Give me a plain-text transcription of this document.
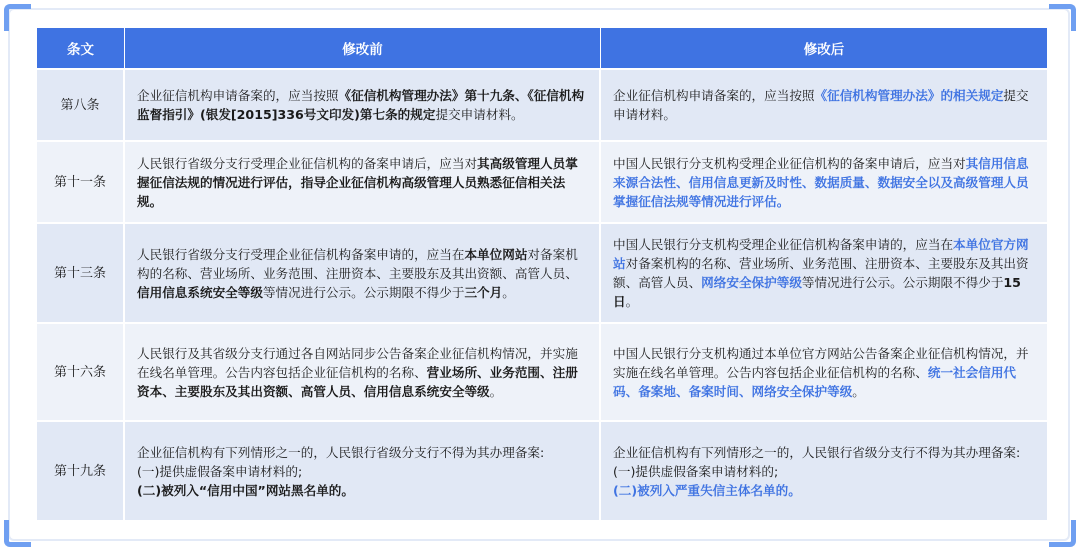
条文	修改前	修改后
第八条	企业征信机构申请备案的，应当按照《征信机构管理办法》第十九条、《征信机构监督指引》(银发[2015]336号文印发)第七条的规定提交申请材料。	企业征信机构申请备案的，应当按照《征信机构管理办法》的相关规定提交申请材料。
第十一条	人民银行省级分支行受理企业征信机构的备案申请后，应当对其高级管理人员掌握征信法规的情况进行评估，指导企业征信机构高级管理人员熟悉征信相关法规。	中国人民银行分支机构受理企业征信机构的备案申请后，应当对其信用信息来源合法性、信用信息更新及时性、数据质量、数据安全以及高级管理人员掌握征信法规等情况进行评估。
第十三条	人民银行省级分支行受理企业征信机构备案申请的，应当在本单位网站对备案机构的名称、营业场所、业务范围、注册资本、主要股东及其出资额、高管人员、信用信息系统安全等级等情况进行公示。公示期限不得少于三个月。	中国人民银行分支机构受理企业征信机构备案申请的，应当在本单位官方网站对备案机构的名称、营业场所、业务范围、注册资本、主要股东及其出资额、高管人员、网络安全保护等级等情况进行公示。公示期限不得少于15日。
第十六条	人民银行及其省级分支行通过各自网站同步公告备案企业征信机构情况，并实施在线名单管理。公告内容包括企业征信机构的名称、营业场所、业务范围、注册资本、主要股东及其出资额、高管人员、信用信息系统安全等级。	中国人民银行分支机构通过本单位官方网站公告备案企业征信机构情况，并实施在线名单管理。公告内容包括企业征信机构的名称、统一社会信用代码、备案地、备案时间、网络安全保护等级。
第十九条	企业征信机构有下列情形之一的，人民银行省级分支行不得为其办理备案:
(一)提供虚假备案申请材料的;
(二)被列入“信用中国”网站黑名单的。	企业征信机构有下列情形之一的，人民银行省级分支行不得为其办理备案:
(一)提供虚假备案申请材料的;
(二)被列入严重失信主体名单的。
